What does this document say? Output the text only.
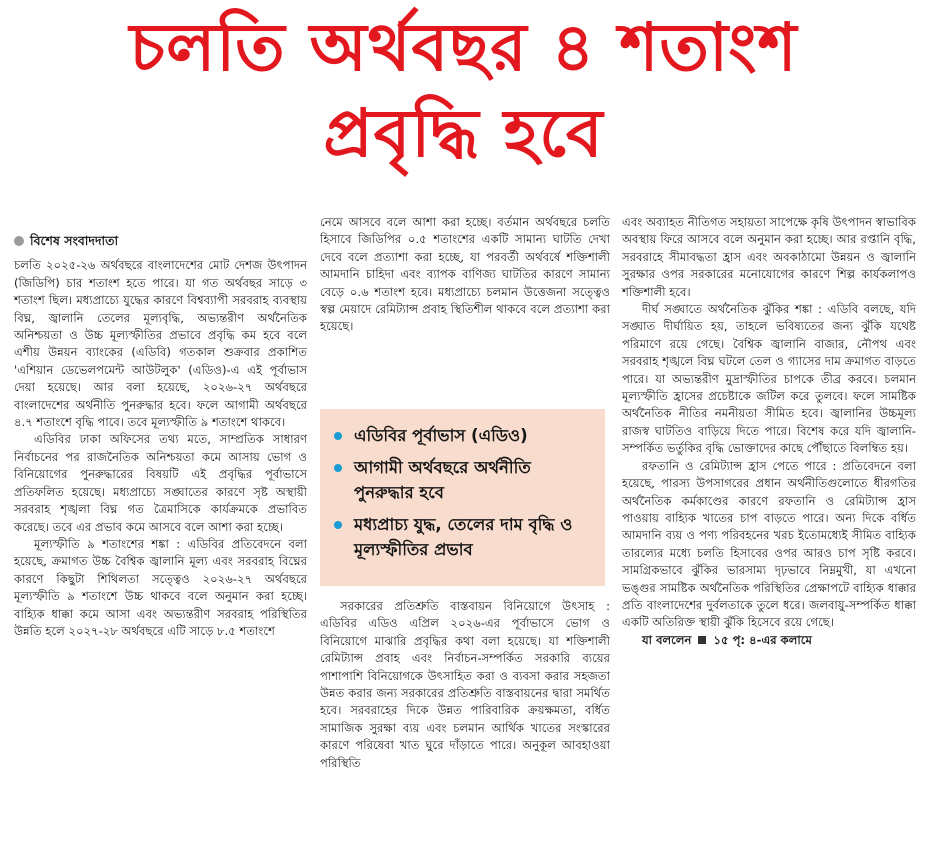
চলতি অর্থবছর ৪ শতাংশ
প্রবৃদ্ধি হবে
বিশেষ সংবাদদাতা

চলতি ২০২৫-২৬ অর্থবছরে বাংলাদেশের মোট দেশজ উৎপাদন (জিডিপি) চার শতাংশ হতে পারে। যা গত অর্থবছর সাড়ে ৩ শতাংশ ছিল। মধ্যপ্রাচ্যে যুদ্ধের কারণে বিশ্বব্যাপী সরবরাহ ব্যবস্থায় বিঘ্ন, জ্বালানি তেলের মূল্যবৃদ্ধি, অভ্যন্তরীণ অর্থনৈতিক অনিশ্চয়তা ও উচ্চ মূল্যস্ফীতির প্রভাবে প্রবৃদ্ধি কম হবে বলে এশীয় উন্নয়ন ব্যাংকের (এডিবি) গতকাল শুক্রবার প্রকাশিত 'এশিয়ান ডেভেলপমেন্ট আউটলুক' (এডিও)-এ এই পূর্বাভাস দেয়া হয়েছে। আর বলা হয়েছে, ২০২৬-২৭ অর্থবছরে বাংলাদেশের অর্থনীতি পুনরুদ্ধার হবে। ফলে আগামী অর্থবছরে ৪.৭ শতাংশে বৃদ্ধি পাবে। তবে মূল্যস্ফীতি ৯ শতাংশে থাকবে।

এডিবির ঢাকা অফিসের তথ্য মতে, সাম্প্রতিক সাধারণ নির্বাচনের পর রাজনৈতিক অনিশ্চয়তা কমে আসায় ভোগ ও বিনিয়োগের পুনরুদ্ধারের বিষয়টি এই প্রবৃদ্ধির পূর্বাভাসে প্রতিফলিত হয়েছে। মধ্যপ্রাচ্যে সঙ্ঘাতের কারণে সৃষ্ট অস্থায়ী সরবরাহ শৃঙ্খলা বিঘ্ন গত ত্রৈমাসিকে কার্যক্রমকে প্রভাবিত করেছে। তবে এর প্রভাব কমে আসবে বলে আশা করা হচ্ছে।

মূল্যস্ফীতি ৯ শতাংশের শঙ্কা : এডিবির প্রতিবেদনে বলা হয়েছে, ক্রমাগত উচ্চ বৈশ্বিক জ্বালানি মূল্য এবং সরবরাহ বিঘ্নের কারণে কিছুটা শিথিলতা সত্ত্বেও ২০২৬-২৭ অর্থবছরে মূল্যস্ফীতি ৯ শতাংশে উচ্চ থাকবে বলে অনুমান করা হচ্ছে। বাহ্যিক ধাক্কা কমে আসা এবং অভ্যন্তরীণ সরবরাহ পরিস্থিতির উন্নতি হলে ২০২৭-২৮ অর্থবছরে এটি সাড়ে ৮.৫ শতাংশে

নেমে আসবে বলে আশা করা হচ্ছে। বর্তমান অর্থবছরে চলতি হিসাবে জিডিপির ০.৫ শতাংশের একটি সামান্য ঘাটতি দেখা দেবে বলে প্রত্যাশা করা হচ্ছে, যা পরবর্তী অর্থবর্ষে শক্তিশালী আমদানি চাহিদা এবং ব্যাপক বাণিজ্য ঘাটতির কারণে সামান্য বেড়ে ০.৬ শতাংশ হবে। মধ্যপ্রাচ্যে চলমান উত্তেজনা সত্ত্বেও স্বল্প মেয়াদে রেমিট্যান্স প্রবাহ স্থিতিশীল থাকবে বলে প্রত্যাশা করা হয়েছে।

এডিবির পূর্বাভাস (এডিও)
আগামী অর্থবছরে অর্থনীতি পুনরুদ্ধার হবে
মধ্যপ্রাচ্য যুদ্ধ, তেলের দাম বৃদ্ধি ও মূল্যস্ফীতির প্রভাব

সরকারের প্রতিশ্রুতি বাস্তবায়ন বিনিয়োগে উৎসাহ : এডিবির এডিও এপ্রিল ২০২৬-এর পূর্বাভাসে ভোগ ও বিনিয়োগে মাঝারি প্রবৃদ্ধির কথা বলা হয়েছে। যা শক্তিশালী রেমিট্যান্স প্রবাহ এবং নির্বাচন-সম্পর্কিত সরকারি ব্যয়ের পাশাপাশি বিনিয়োগকে উৎসাহিত করা ও ব্যবসা করার সহজতা উন্নত করার জন্য সরকারের প্রতিশ্রুতি বাস্তবায়নের দ্বারা সমর্থিত হবে। সরবরাহের দিকে উন্নত পারিবারিক ক্রয়ক্ষমতা, বর্ধিত সামাজিক সুরক্ষা ব্যয় এবং চলমান আর্থিক খাতের সংস্কারের কারণে পরিষেবা খাত ঘুরে দাঁড়াতে পারে। অনুকূল আবহাওয়া পরিস্থিতি

এবং অব্যাহত নীতিগত সহায়তা সাপেক্ষে কৃষি উৎপাদন স্বাভাবিক অবস্থায় ফিরে আসবে বলে অনুমান করা হচ্ছে। আর রপ্তানি বৃদ্ধি, সরবরাহে সীমাবদ্ধতা হ্রাস এবং অবকাঠামো উন্নয়ন ও জ্বালানি সুরক্ষার ওপর সরকারের মনোযোগের কারণে শিল্প কার্যকলাপও শক্তিশালী হবে।

দীর্ঘ সঙ্ঘাতে অর্থনৈতিক ঝুঁকির শঙ্কা : এডিবি বলছে, যদি সঙ্ঘাত দীর্ঘায়িত হয়, তাহলে ভবিষ্যতের জন্য ঝুঁকি যথেষ্ট পরিমাণে রয়ে গেছে। বৈশ্বিক জ্বালানি বাজার, নৌপথ এবং সরবরাহ শৃঙ্খলে বিঘ্ন ঘটলে তেল ও গ্যাসের দাম ক্রমাগত বাড়তে পারে। যা অভ্যন্তরীণ মুদ্রাস্ফীতির চাপকে তীব্র করবে। চলমান মূল্যস্ফীতি হ্রাসের প্রচেষ্টাকে জটিল করে তুলবে। ফলে সামষ্টিক অর্থনৈতিক নীতির নমনীয়তা সীমিত হবে। জ্বালানির উচ্চমূল্য রাজস্ব ঘাটতিও বাড়িয়ে দিতে পারে। বিশেষ করে যদি জ্বালানি-সম্পর্কিত ভর্তুকির বৃদ্ধি ভোক্তাদের কাছে পৌঁছাতে বিলম্বিত হয়।

রফতানি ও রেমিট্যান্স হ্রাস পেতে পারে : প্রতিবেদনে বলা হয়েছে, পারস্য উপসাগরের প্রধান অর্থনীতিগুলোতে ধীরগতির অর্থনৈতিক কর্মকাণ্ডের কারণে রফতানি ও রেমিট্যান্স হ্রাস পাওয়ায় বাহ্যিক খাতের চাপ বাড়তে পারে। অন্য দিকে বর্ধিত আমদানি ব্যয় ও পণ্য পরিবহনের খরচ ইতোমধ্যেই সীমিত বাহ্যিক তারল্যের মধ্যে চলতি হিসাবের ওপর আরও চাপ সৃষ্টি করবে। সামগ্রিকভাবে ঝুঁকির ভারসাম্য দৃঢ়ভাবে নিম্নমুখী, যা এখনো ভঙ্গুর সামষ্টিক অর্থনৈতিক পরিস্থিতির প্রেক্ষাপটে বাহ্যিক ধাক্কার প্রতি বাংলাদেশের দুর্বলতাকে তুলে ধরে। জলবায়ু-সম্পর্কিত ধাক্কা একটি অতিরিক্ত স্থায়ী ঝুঁকি হিসেবে রয়ে গেছে।

যা বললেন ১৫ পৃ: ৪-এর কলামে
